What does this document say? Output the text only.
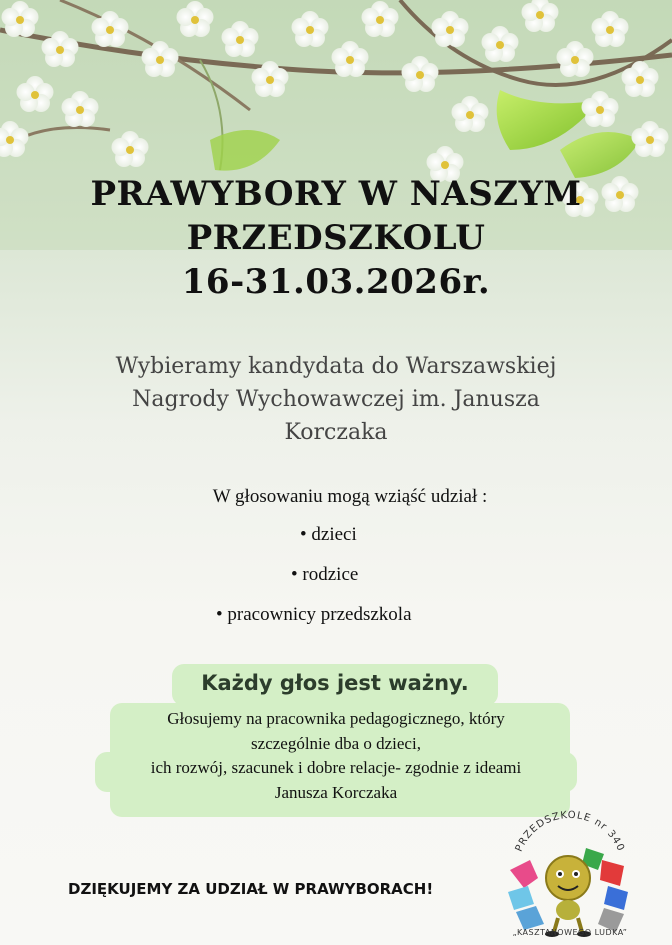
PRAWYBORY W NASZYM
PRZEDSZKOLU
16-31.03.2026r.
Wybieramy kandydata do Warszawskiej
Nagrody Wychowawczej im. Janusza
Korczaka
W głosowaniu mogą wziąść udział :
• dzieci
• rodzice
• pracownicy przedszkola
Każdy głos jest ważny.
Głosujemy na pracownika pedagogicznego, który
szczególnie dba o dzieci,
ich rozwój, szacunek i dobre relacje- zgodnie z ideami
Janusza Korczaka
DZIĘKUJEMY ZA UDZIAŁ W PRAWYBORACH!
PRZEDSZKOLE nr 340
„KASZTANOWEGO LUDKA”
